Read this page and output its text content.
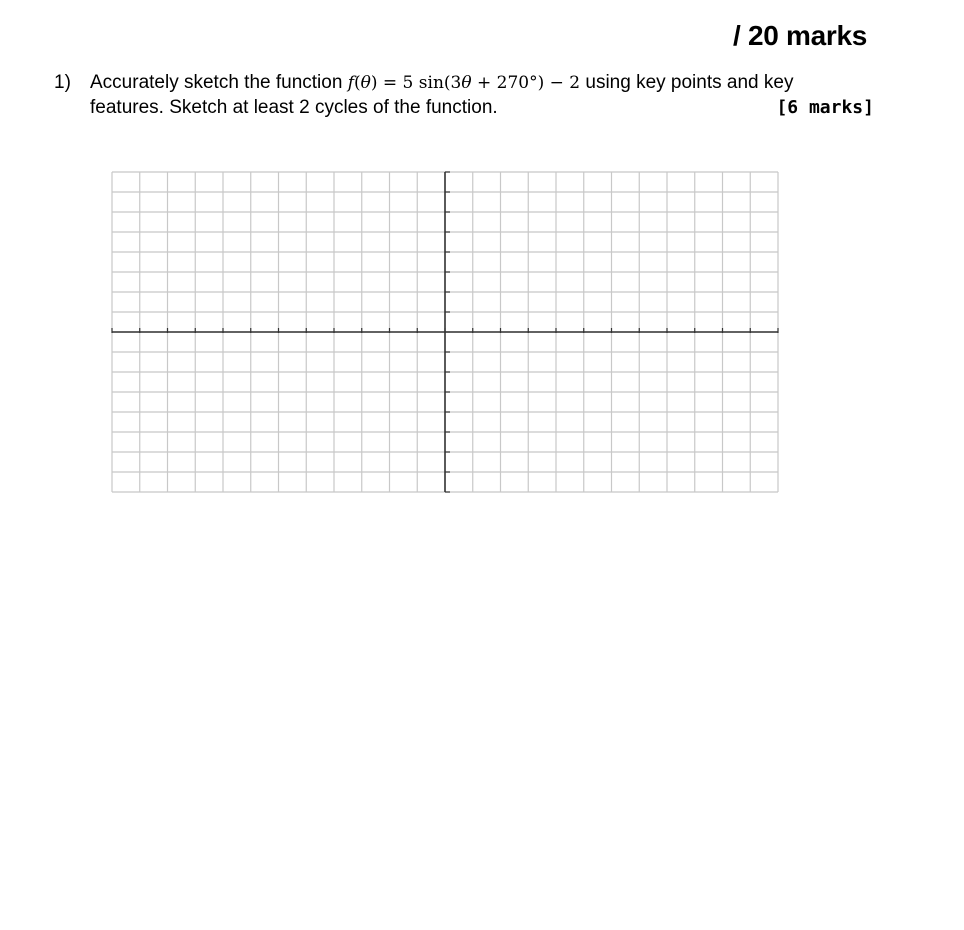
/ 20 marks
1) Accurately sketch the function f(θ) = 5 sin(3θ + 270°) − 2 using key points and key
features. Sketch at least 2 cycles of the function.	[6 marks]
